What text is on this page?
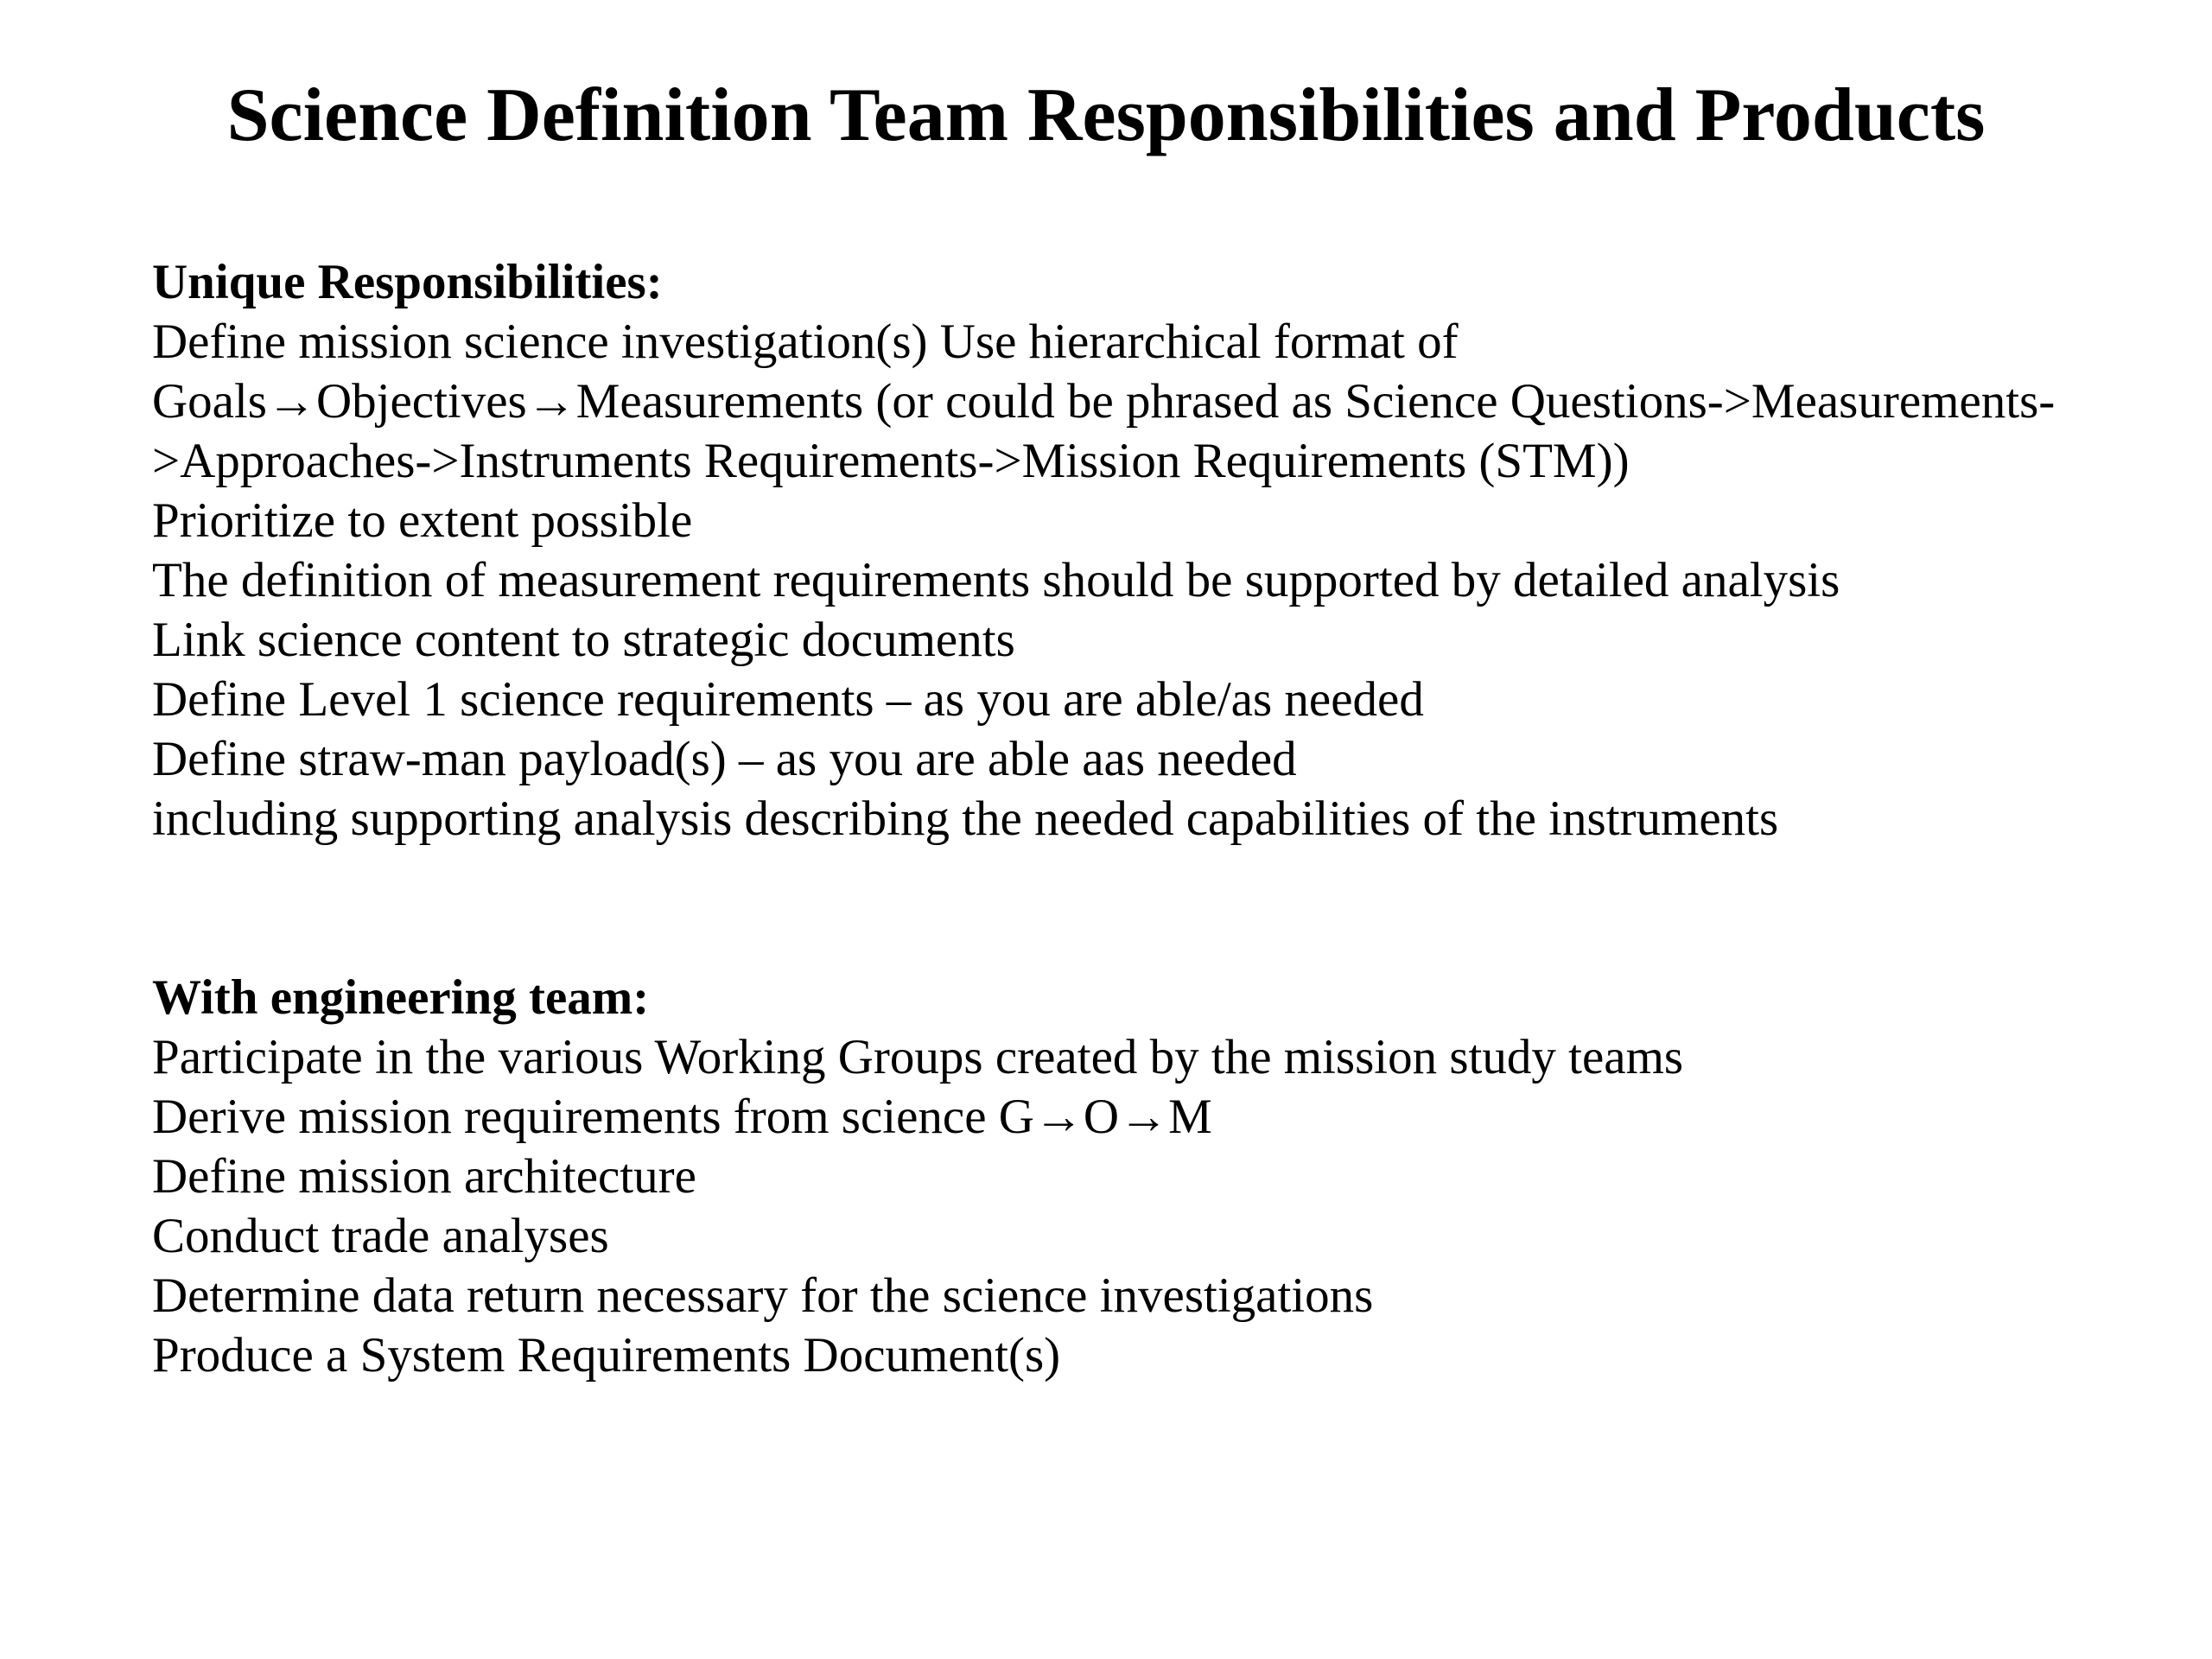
Science Definition Team Responsibilities and Products
Unique Responsibilities:
Define mission science investigation(s) Use hierarchical format of
Goals→Objectives→Measurements (or could be phrased as Science Questions->Measurements-
>Approaches->Instruments Requirements->Mission Requirements (STM))
Prioritize to extent possible
The definition of measurement requirements should be supported by detailed analysis
Link science content to strategic documents
Define Level 1 science requirements – as you are able/as needed
Define straw-man payload(s) – as you are able aas needed
including supporting analysis describing the needed capabilities of the instruments
With engineering team:
Participate in the various Working Groups created by the mission study teams
Derive mission requirements from science G→O→M
Define mission architecture
Conduct trade analyses
Determine data return necessary for the science investigations
Produce a System Requirements Document(s)
